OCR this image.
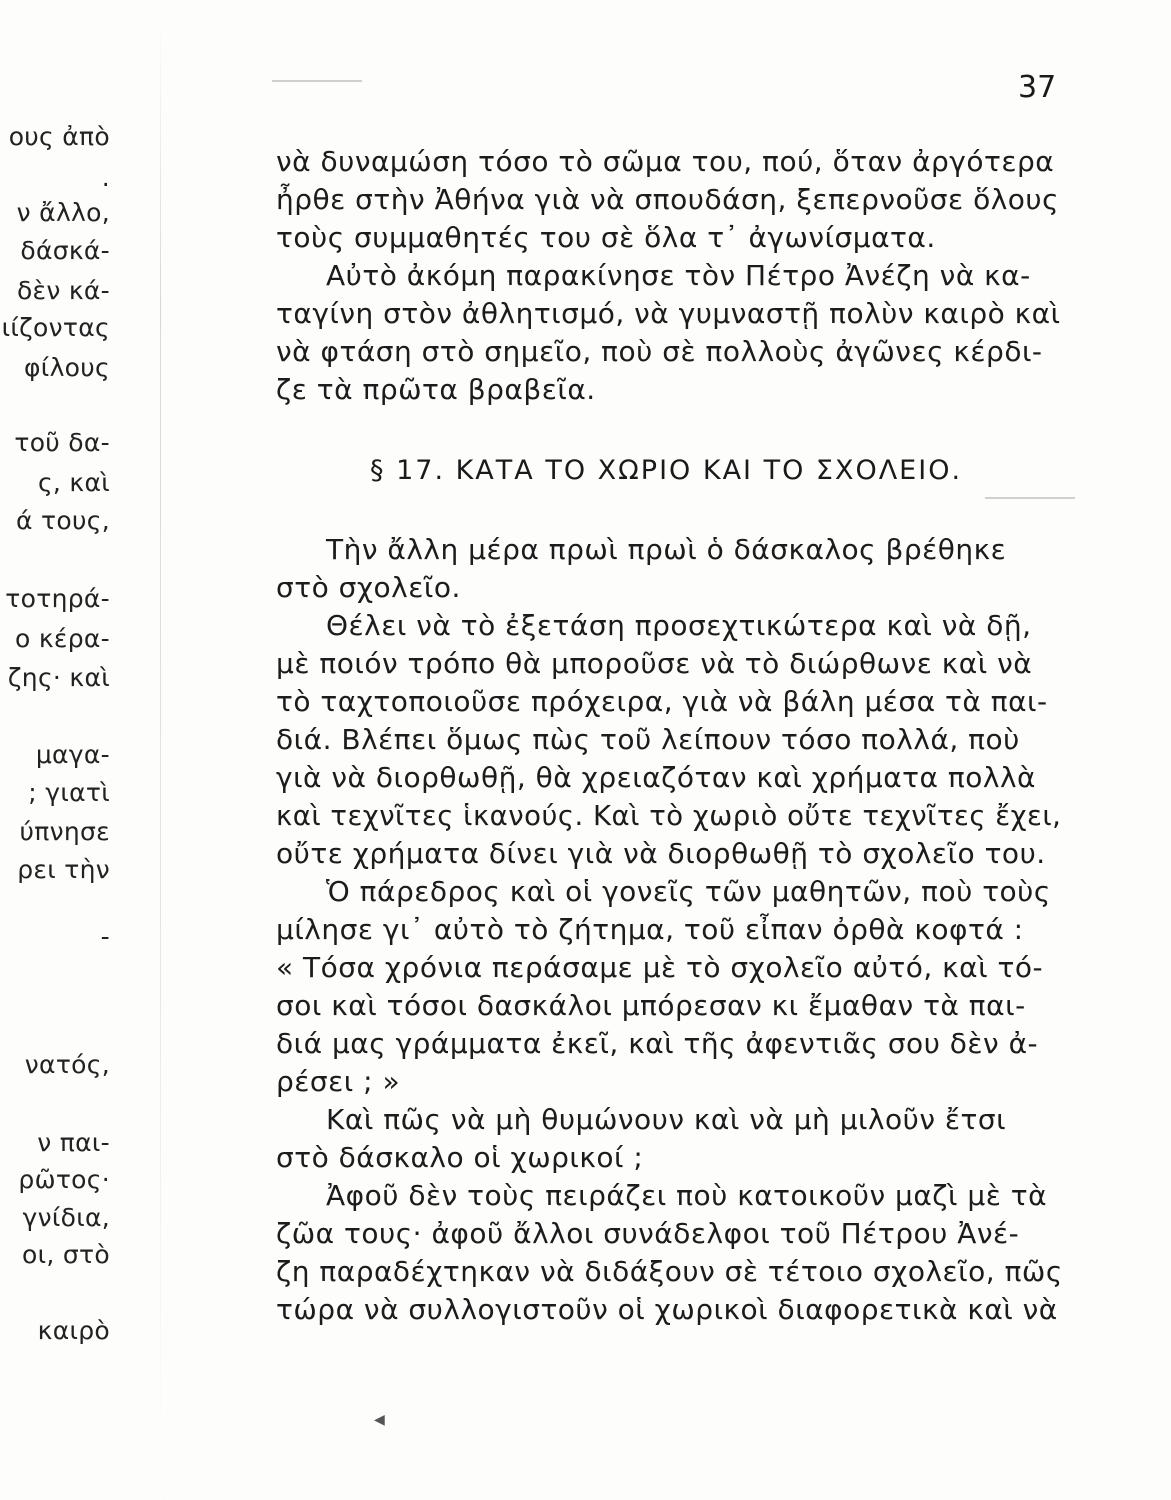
ους ἀπὸ
.
ν ἄλλο,
δάσκά-
δὲν κά-
ιίζοντας
φίλους
τοῦ δα-
ς, καὶ
ά τους,
τοτηρά-
ο κέρα-
ζης· καὶ
μαγα-
; γιατὶ
ύπνησε
ρει τὴν
-
νατός,
ν παι-
ρῶτος·
γνίδια,
οι, στὸ
καιρὸ
37
νὰ δυναμώση τόσο τὸ σῶμα του, πού, ὅταν ἀργότερα
ἦρθε στὴν Ἀθήνα γιὰ νὰ σπουδάση, ξεπερνοῦσε ὅλους
τοὺς συμμαθητές του σὲ ὅλα τ᾽ ἀγωνίσματα.
Αὐτὸ ἀκόμη παρακίνησε τὸν Πέτρο Ἀνέζη νὰ κα-
ταγίνη στὸν ἀθλητισμό, νὰ γυμναστῇ πολὺν καιρὸ καὶ
νὰ φτάση στὸ σημεῖο, ποὺ σὲ πολλοὺς ἀγῶνες κέρδι-
ζε τὰ πρῶτα βραβεῖα.
§ 17. ΚΑΤΑ ΤΟ ΧΩΡΙΟ ΚΑΙ ΤΟ ΣΧΟΛΕΙΟ.
Τὴν ἄλλη μέρα πρωὶ πρωὶ ὁ δάσκαλος βρέθηκε
στὸ σχολεῖο.
Θέλει νὰ τὸ ἐξετάση προσεχτικώτερα καὶ νὰ δῇ,
μὲ ποιόν τρόπο θὰ μποροῦσε νὰ τὸ διώρθωνε καὶ νὰ
τὸ ταχτοποιοῦσε πρόχειρα, γιὰ νὰ βάλη μέσα τὰ παι-
διά. Βλέπει ὅμως πὼς τοῦ λείπουν τόσο πολλά, ποὺ
γιὰ νὰ διορθωθῇ, θὰ χρειαζόταν καὶ χρήματα πολλὰ
καὶ τεχνῖτες ἱκανούς. Καὶ τὸ χωριὸ οὔτε τεχνῖτες ἔχει,
οὔτε χρήματα δίνει γιὰ νὰ διορθωθῇ τὸ σχολεῖο του.
Ὁ πάρεδρος καὶ οἱ γονεῖς τῶν μαθητῶν, ποὺ τοὺς
μίλησε γι᾽ αὐτὸ τὸ ζήτημα, τοῦ εἶπαν ὀρθὰ κοφτά :
« Τόσα χρόνια περάσαμε μὲ τὸ σχολεῖο αὐτό, καὶ τό-
σοι καὶ τόσοι δασκάλοι μπόρεσαν κι ἔμαθαν τὰ παι-
διά μας γράμματα ἐκεῖ, καὶ τῆς ἀφεντιᾶς σου δὲν ἀ-
ρέσει ; »
Καὶ πῶς νὰ μὴ θυμώνουν καὶ νὰ μὴ μιλοῦν ἔτσι
στὸ δάσκαλο οἱ χωρικοί ;
Ἀφοῦ δὲν τοὺς πειράζει ποὺ κατοικοῦν μαζὶ μὲ τὰ
ζῶα τους· ἀφοῦ ἄλλοι συνάδελφοι τοῦ Πέτρου Ἀνέ-
ζη παραδέχτηκαν νὰ διδάξουν σὲ τέτοιο σχολεῖο, πῶς
τώρα νὰ συλλογιστοῦν οἱ χωρικοὶ διαφορετικὰ καὶ νὰ
◀
